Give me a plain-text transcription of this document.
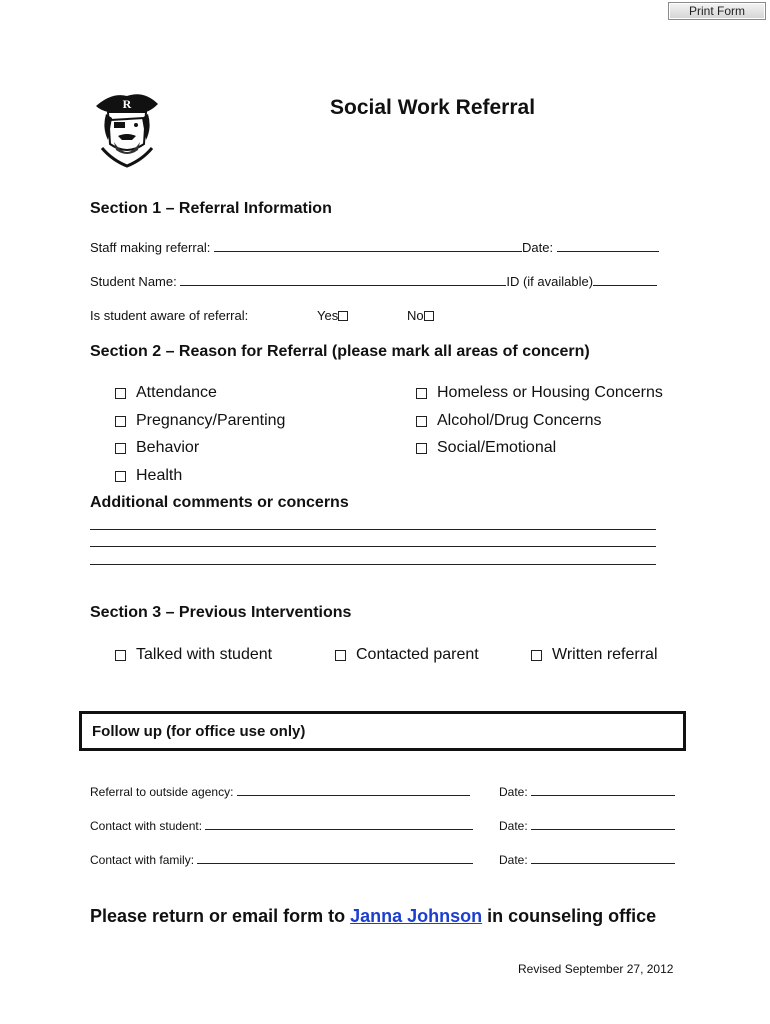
Print Form
R	Social Work Referral
Section 1 – Referral Information
Staff making referral:	Date:
Student Name:	ID (if available)
Is student aware of referral:	Yes	No
Section 2 – Reason for Referral (please mark all areas of concern)
Attendance
Pregnancy/Parenting
Behavior
Health
Homeless or Housing Concerns
Alcohol/Drug Concerns
Social/Emotional
Additional comments or concerns
Section 3 – Previous Interventions
Talked with student	Contacted parent	Written referral
Follow up (for office use only)
Referral to outside agency:	Date:
Contact with student:	Date:
Contact with family:	Date:
Please return or email form to Janna Johnson in counseling office
Revised September 27, 2012
